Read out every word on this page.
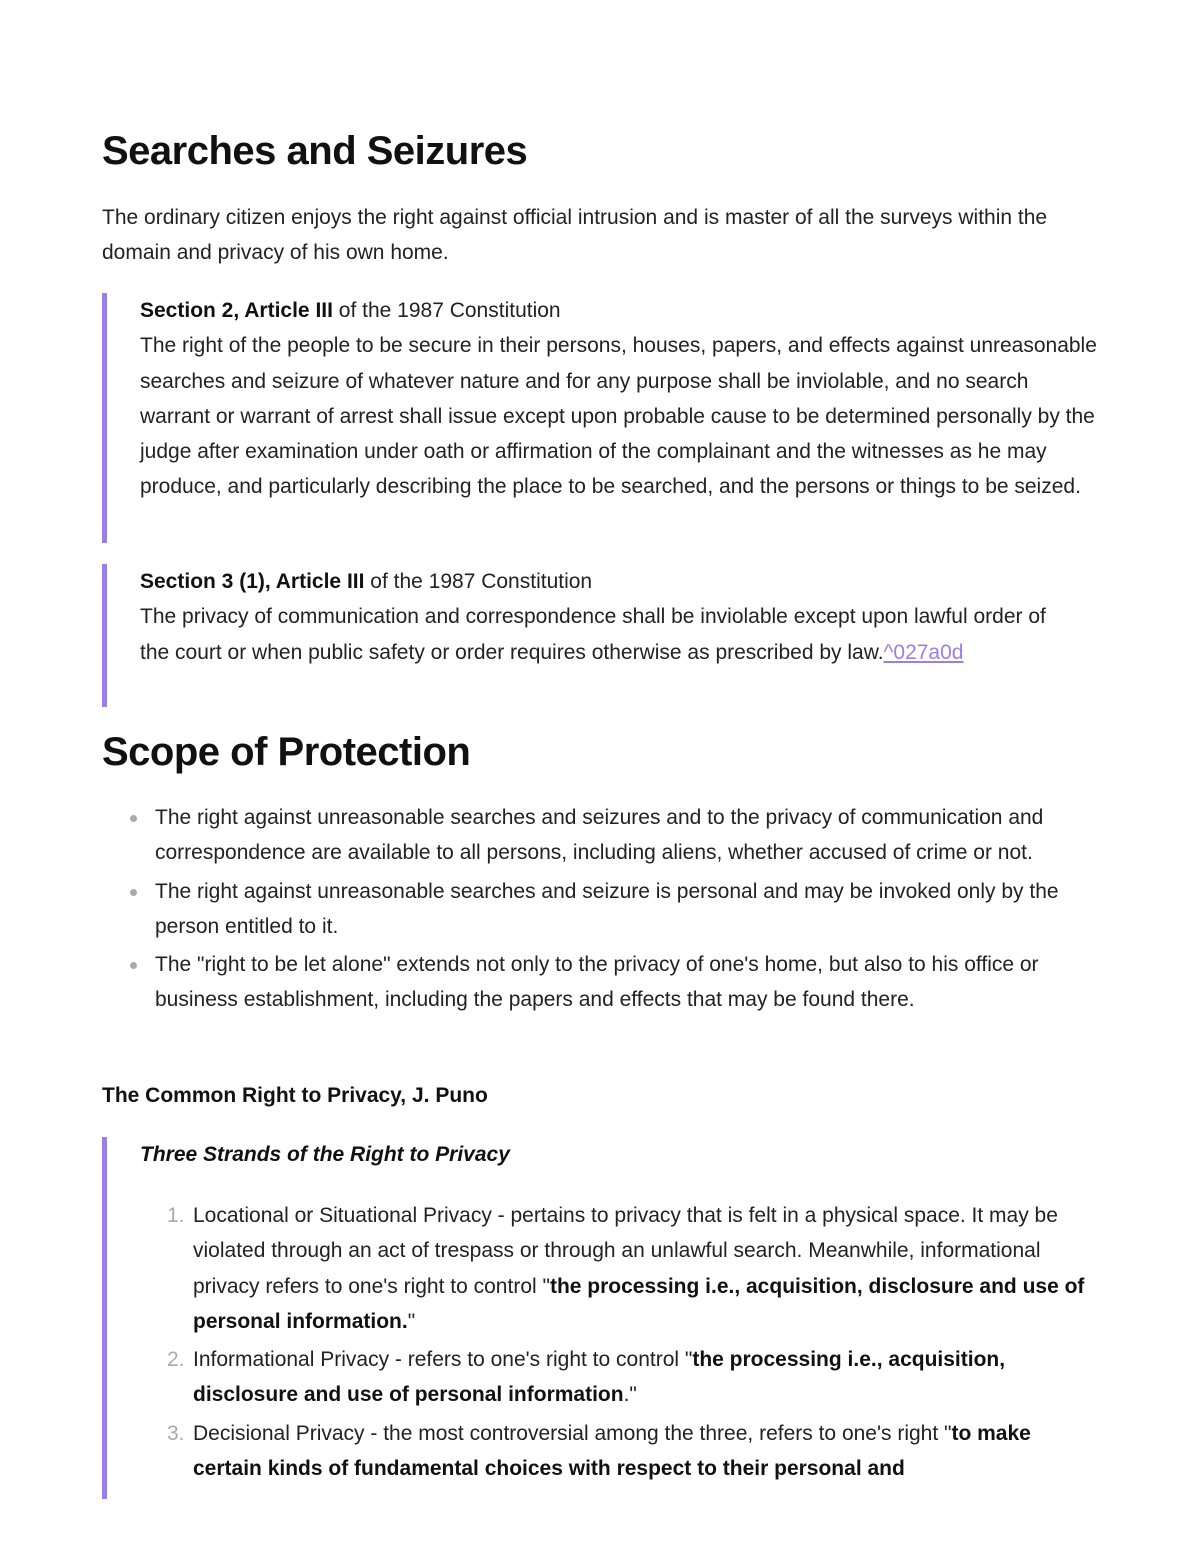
Searches and Seizures

The ordinary citizen enjoys the right against official intrusion and is master of all the surveys within the domain and privacy of his own home.

Section 2, Article III of the 1987 Constitution
The right of the people to be secure in their persons, houses, papers, and effects against unreasonable searches and seizure of whatever nature and for any purpose shall be inviolable, and no search warrant or warrant of arrest shall issue except upon probable cause to be determined personally by the judge after examination under oath or affirmation of the complainant and the witnesses as he may produce, and particularly describing the place to be searched, and the persons or things to be seized.
Section 3 (1), Article III of the 1987 Constitution
The privacy of communication and correspondence shall be inviolable except upon lawful order of the court or when public safety or order requires otherwise as prescribed by law.^027a0d
Scope of Protection
The right against unreasonable searches and seizures and to the privacy of communication and correspondence are available to all persons, including aliens, whether accused of crime or not.
The right against unreasonable searches and seizure is personal and may be invoked only by the person entitled to it.
The "right to be let alone" extends not only to the privacy of one's home, but also to his office or business establishment, including the papers and effects that may be found there.
The Common Right to Privacy, J. Puno
Three Strands of the Right to Privacy
1. Locational or Situational Privacy - pertains to privacy that is felt in a physical space. It may be violated through an act of trespass or through an unlawful search. Meanwhile, informational privacy refers to one's right to control "the processing i.e., acquisition, disclosure and use of personal information."
2. Informational Privacy - refers to one's right to control "the processing i.e., acquisition, disclosure and use of personal information."
3. Decisional Privacy - the most controversial among the three, refers to one's right "to make certain kinds of fundamental choices with respect to their personal and
